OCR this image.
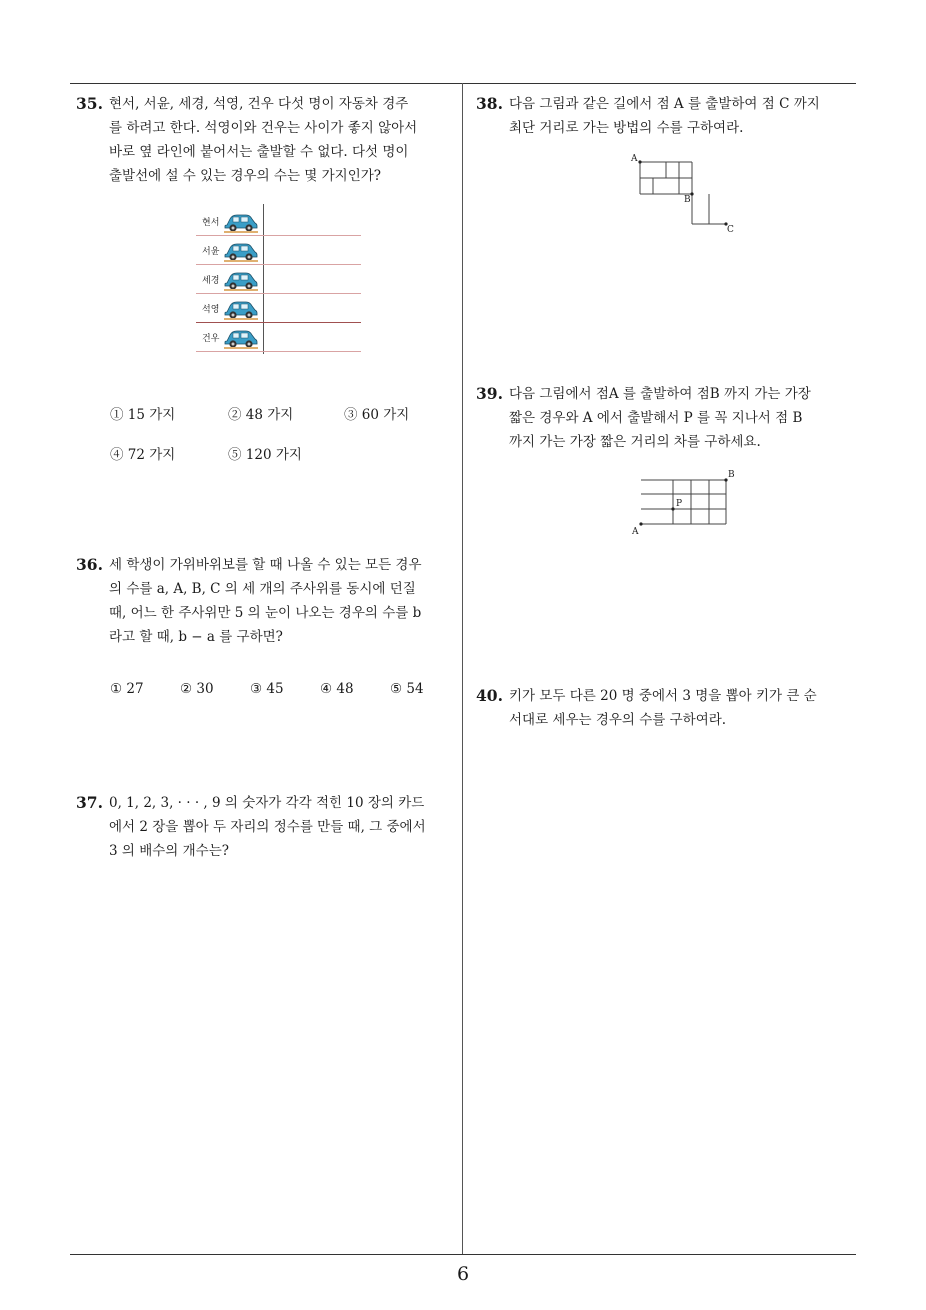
35. 현서, 서윤, 세경, 석영, 건우 다섯 명이 자동차 경주
를 하려고 한다. 석영이와 건우는 사이가 좋지 않아서
바로 옆 라인에 붙어서는 출발할 수 없다. 다섯 명이
출발선에 설 수 있는 경우의 수는 몇 가지인가?
현서
서윤
세경
석영
건우
① 15 가지	② 48 가지	③ 60 가지
④ 72 가지	⑤ 120 가지
36. 세 학생이 가위바위보를 할 때 나올 수 있는 모든 경우
의 수를 a, A, B, C 의 세 개의 주사위를 동시에 던질
때, 어느 한 주사위만 5 의 눈이 나오는 경우의 수를 b
라고 할 때, b − a 를 구하면?
① 27	② 30	③ 45	④ 48	⑤ 54
37. 0, 1, 2, 3, · · · , 9 의 숫자가 각각 적힌 10 장의 카드
에서 2 장을 뽑아 두 자리의 정수를 만들 때, 그 중에서
3 의 배수의 개수는?
38. 다음 그림과 같은 길에서 점 A 를 출발하여 점 C 까지
최단 거리로 가는 방법의 수를 구하여라.
A
B
C
39. 다음 그림에서 점A 를 출발하여 점B 까지 가는 가장
짧은 경우와 A 에서 출발해서 P 를 꼭 지나서 점 B
까지 가는 가장 짧은 거리의 차를 구하세요.
A
B
P
40. 키가 모두 다른 20 명 중에서 3 명을 뽑아 키가 큰 순
서대로 세우는 경우의 수를 구하여라.
6
